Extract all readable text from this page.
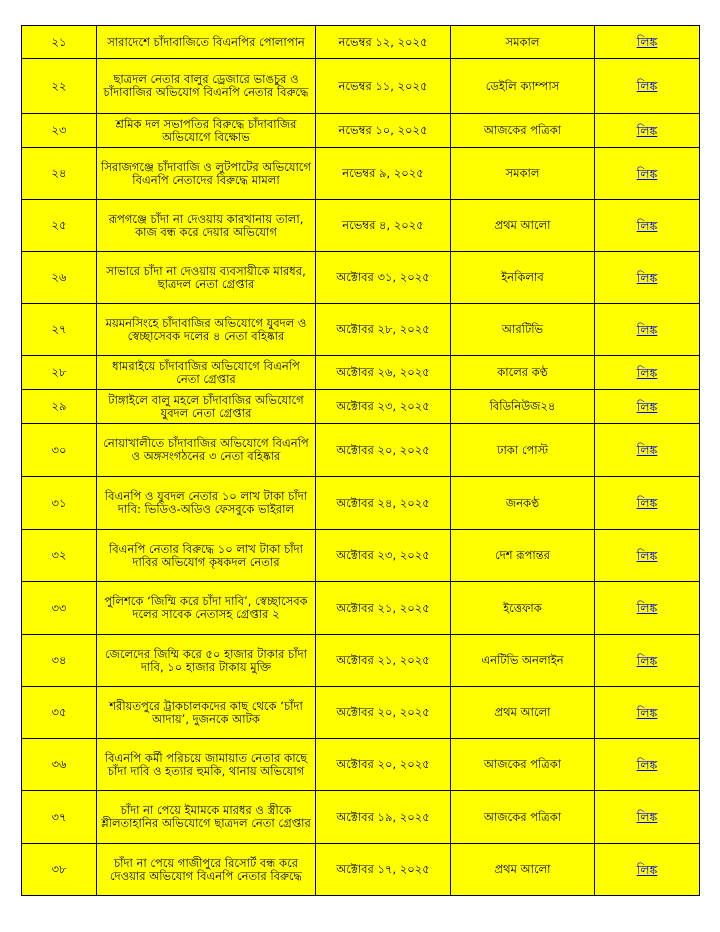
২১	সারাদেশে চাঁদাবাজিতে বিএনপির পোলাপান	নভেম্বর ১২, ২০২৫	সমকাল	লিঙ্ক
২২	ছাত্রদল নেতার বালুর ড্রেজারে ভাঙচুর ও চাঁদাবাজির অভিযোগ বিএনপি নেতার বিরুদ্ধে	নভেম্বর ১১, ২০২৫	ডেইলি ক্যাম্পাস	লিঙ্ক
২৩	শ্রমিক দল সভাপতির বিরুদ্ধে চাঁদাবাজির অভিযোগে বিক্ষোভ	নভেম্বর ১০, ২০২৫	আজকের পত্রিকা	লিঙ্ক
২৪	সিরাজগঞ্জে চাঁদাবাজি ও লুটপাটের অভিযোগে বিএনপি নেতাদের বিরুদ্ধে মামলা	নভেম্বর ৯, ২০২৫	সমকাল	লিঙ্ক
২৫	রূপগঞ্জে চাঁদা না দেওয়ায় কারখানায় তালা, কাজ বন্ধ করে দেয়ার অভিযোগ	নভেম্বর ৪, ২০২৫	প্রথম আলো	লিঙ্ক
২৬	সাভারে চাঁদা না দেওয়ায় ব্যবসায়ীকে মারধর, ছাত্রদল নেতা গ্রেপ্তার	অক্টোবর ৩১, ২০২৫	ইনকিলাব	লিঙ্ক
২৭	ময়মনসিংহে চাঁদাবাজির অভিযোগে যুবদল ও স্বেচ্ছাসেবক দলের ৪ নেতা বহিষ্কার	অক্টোবর ২৮, ২০২৫	আরটিভি	লিঙ্ক
২৮	ধামরাইয়ে চাঁদাবাজির অভিযোগে বিএনপি নেতা গ্রেপ্তার	অক্টোবর ২৬, ২০২৫	কালের কণ্ঠ	লিঙ্ক
২৯	টাঙ্গাইলে বালু মহলে চাঁদাবাজির অভিযোগে যুবদল নেতা গ্রেপ্তার	অক্টোবর ২৩, ২০২৫	বিডিনিউজ২৪	লিঙ্ক
৩০	নোয়াখালীতে চাঁদাবাজির অভিযোগে বিএনপি ও অঙ্গসংগঠনের ৩ নেতা বহিষ্কার	অক্টোবর ২০, ২০২৫	ঢাকা পোস্ট	লিঙ্ক
৩১	বিএনপি ও যুবদল নেতার ১০ লাখ টাকা চাঁদা দাবি: ভিডিও-অডিও ফেসবুকে ভাইরাল	অক্টোবর ২৪, ২০২৫	জনকণ্ঠ	লিঙ্ক
৩২	বিএনপি নেতার বিরুদ্ধে ১০ লাখ টাকা চাঁদা দাবির অভিযোগ কৃষকদল নেতার	অক্টোবর ২৩, ২০২৫	দেশ রূপান্তর	লিঙ্ক
৩৩	পুলিশকে ‘জিম্মি করে চাঁদা দাবি’, স্বেচ্ছাসেবক দলের সাবেক নেতাসহ গ্রেপ্তার ২	অক্টোবর ২১, ২০২৫	ইত্তেফাক	লিঙ্ক
৩৪	জেলেদের জিম্মি করে ৫০ হাজার টাকার চাঁদা দাবি, ১০ হাজার টাকায় মুক্তি	অক্টোবর ২১, ২০২৫	এনটিভি অনলাইন	লিঙ্ক
৩৫	শরীয়তপুরে ট্রাকচালকদের কাছ থেকে ‘চাঁদা আদায়’, দুজনকে আটক	অক্টোবর ২০, ২০২৫	প্রথম আলো	লিঙ্ক
৩৬	বিএনপি কর্মী পরিচয়ে জামায়াত নেতার কাছে চাঁদা দাবি ও হত্যার হুমকি, থানায় অভিযোগ	অক্টোবর ২০, ২০২৫	আজকের পত্রিকা	লিঙ্ক
৩৭	চাঁদা না পেয়ে ইমামকে মারধর ও স্ত্রীকে শ্লীলতাহানির অভিযোগে ছাত্রদল নেতা গ্রেপ্তার	অক্টোবর ১৯, ২০২৫	আজকের পত্রিকা	লিঙ্ক
৩৮	চাঁদা না পেয়ে গাজীপুরে রিসোর্ট বন্ধ করে দেওয়ার অভিযোগ বিএনপি নেতার বিরুদ্ধে	অক্টোবর ১৭, ২০২৫	প্রথম আলো	লিঙ্ক
